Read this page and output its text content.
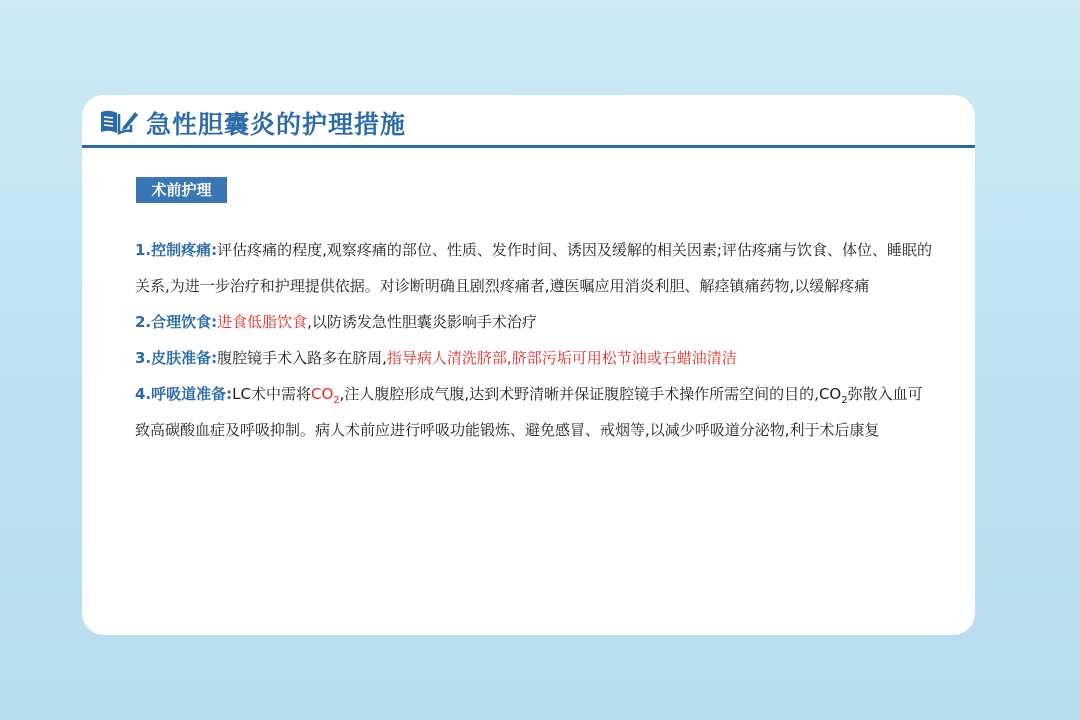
急性胆囊炎的护理措施
术前护理

1.控制疼痛:评估疼痛的程度,观察疼痛的部位、性质、发作时间、诱因及缓解的相关因素;评估疼痛与饮食、体位、睡眠的关系,为进一步治疗和护理提供依据。对诊断明确且剧烈疼痛者,遵医嘱应用消炎利胆、解痉镇痛药物,以缓解疼痛

2.合理饮食:进食低脂饮食,以防诱发急性胆囊炎影响手术治疗

3.皮肤准备:腹腔镜手术入路多在脐周,指导病人清洗脐部,脐部污垢可用松节油或石蜡油清洁

4.呼吸道准备:LC术中需将$CO_2$,注人腹腔形成气腹,达到术野清晰并保证腹腔镜手术操作所需空间的目的$,CO_2$弥散入血可致高碳酸血症及呼吸抑制。病人术前应进行呼吸功能锻炼、避免感冒、戒烟等,以减少呼吸道分泌物,利于术后康复
